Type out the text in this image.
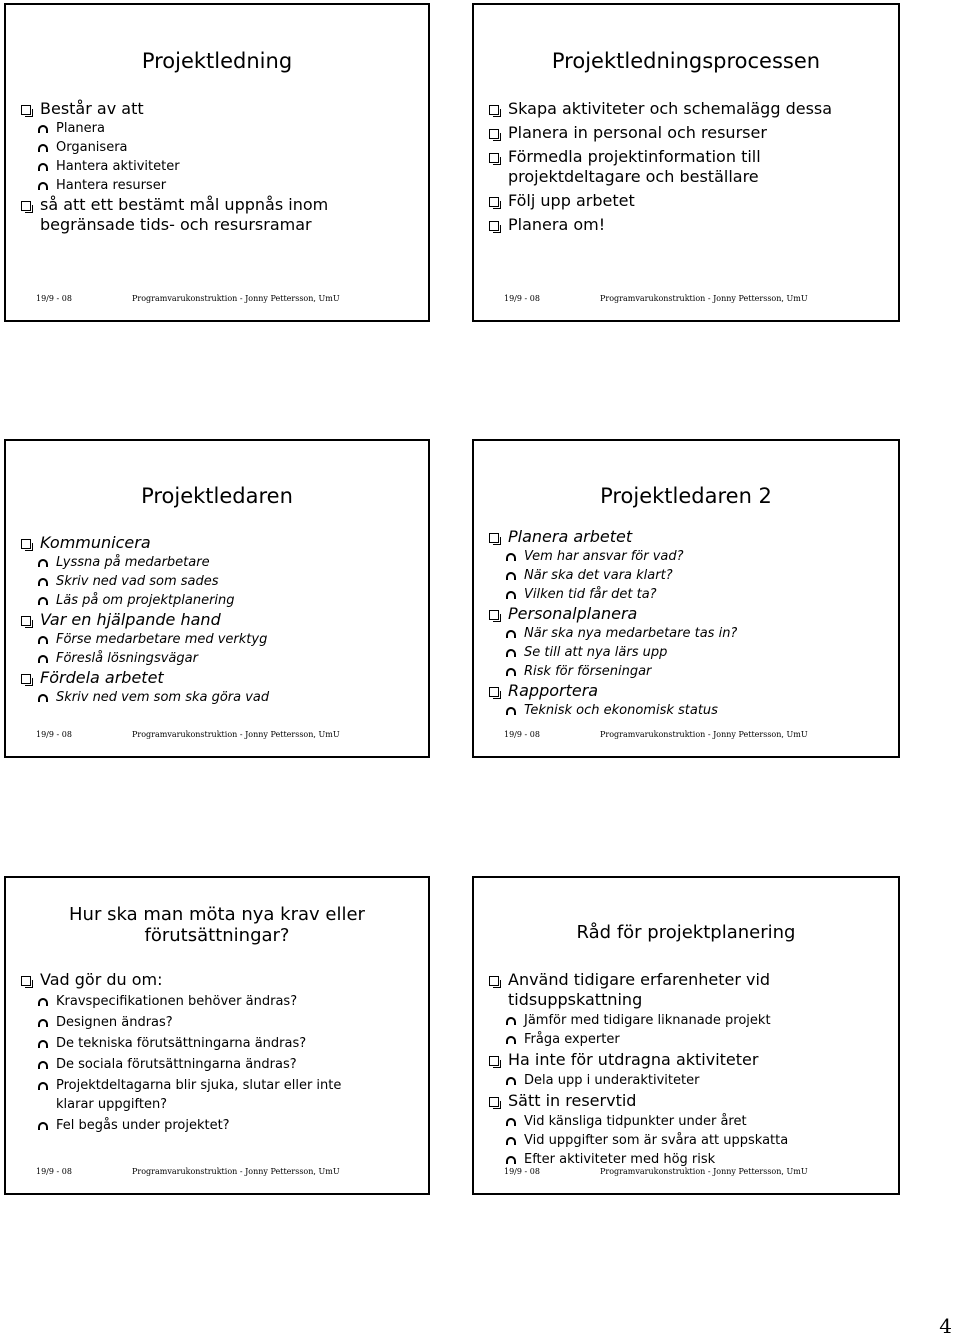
Projektledning
Består av att
Planera
Organisera
Hantera aktiviteter
Hantera resurser
så att ett bestämt mål uppnås inom begränsade tids- och resursramar
19/9 - 08	Programvarukonstruktion - Jonny Pettersson, UmU
Projektledningsprocessen
Skapa aktiviteter och schemalägg dessa
Planera in personal och resurser
Förmedla projektinformation till projektdeltagare och beställare
Följ upp arbetet
Planera om!
19/9 - 08	Programvarukonstruktion - Jonny Pettersson, UmU
Projektledaren
Kommunicera
Lyssna på medarbetare
Skriv ned vad som sades
Läs på om projektplanering
Var en hjälpande hand
Förse medarbetare med verktyg
Föreslå lösningsvägar
Fördela arbetet
Skriv ned vem som ska göra vad
19/9 - 08	Programvarukonstruktion - Jonny Pettersson, UmU
Projektledaren 2
Planera arbetet
Vem har ansvar för vad?
När ska det vara klart?
Vilken tid får det ta?
Personalplanera
När ska nya medarbetare tas in?
Se till att nya lärs upp
Risk för förseningar
Rapportera
Teknisk och ekonomisk status
19/9 - 08	Programvarukonstruktion - Jonny Pettersson, UmU
Hur ska man möta nya krav eller
förutsättningar?
Vad gör du om:
Kravspecifikationen behöver ändras?
Designen ändras?
De tekniska förutsättningarna ändras?
De sociala förutsättningarna ändras?
Projektdeltagarna blir sjuka, slutar eller inte klarar uppgiften?
Fel begås under projektet?
19/9 - 08	Programvarukonstruktion - Jonny Pettersson, UmU
Råd för projektplanering
Använd tidigare erfarenheter vid tidsuppskattning
Jämför med tidigare liknanade projekt
Fråga experter
Ha inte för utdragna aktiviteter
Dela upp i underaktiviteter
Sätt in reservtid
Vid känsliga tidpunkter under året
Vid uppgifter som är svåra att uppskatta
Efter aktiviteter med hög risk
19/9 - 08	Programvarukonstruktion - Jonny Pettersson, UmU
4
